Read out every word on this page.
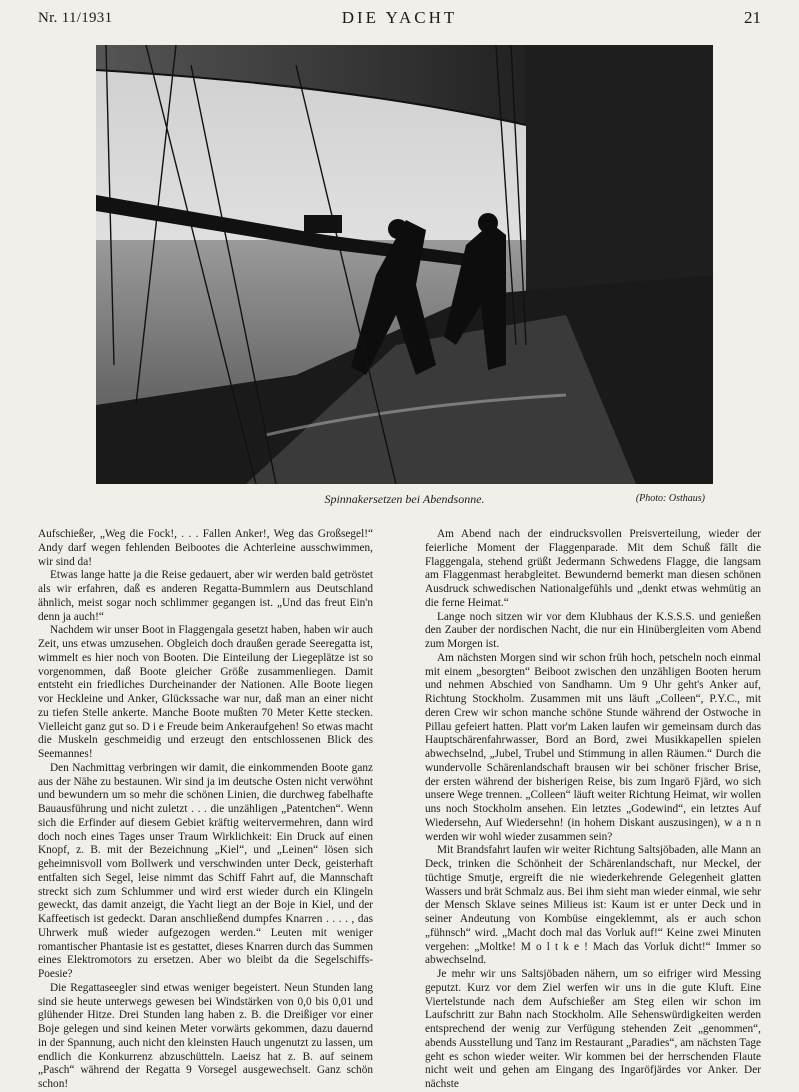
Nr. 11/1931	DIE YACHT	21
Spinnakersetzen bei Abendsonne.	(Photo: Osthaus)

Aufschießer, „Weg die Fock!, . . . Fallen Anker!, Weg das Großsegel!“ Andy darf wegen fehlenden Beibootes die Achterleine ausschwimmen, wir sind da!

Etwas lange hatte ja die Reise gedauert, aber wir werden bald getröstet als wir erfahren, daß es anderen Regatta-Bummlern aus Deutschland ähnlich, meist sogar noch schlimmer gegangen ist. „Und das freut Ein'n denn ja auch!“

Nachdem wir unser Boot in Flaggengala gesetzt haben, haben wir auch Zeit, uns etwas umzusehen. Obgleich doch draußen gerade Seeregatta ist, wimmelt es hier noch von Booten. Die Einteilung der Liegeplätze ist so vorgenommen, daß Boote gleicher Größe zusammenliegen. Damit entsteht ein friedliches Durcheinander der Nationen. Alle Boote liegen vor Heckleine und Anker, Glückssache war nur, daß man an einer nicht zu tiefen Stelle ankerte. Manche Boote mußten 70 Meter Kette stecken. Vielleicht ganz gut so. D i e Freude beim Ankeraufgehen! So etwas macht die Muskeln geschmeidig und erzeugt den entschlossenen Blick des Seemannes!

Den Nachmittag verbringen wir damit, die einkommenden Boote ganz aus der Nähe zu bestaunen. Wir sind ja im deutsche Osten nicht verwöhnt und bewundern um so mehr die schönen Linien, die durchweg fabelhafte Bauausführung und nicht zuletzt . . . die unzähligen „Patentchen“. Wenn sich die Erfinder auf diesem Gebiet kräftig weitervermehren, dann wird doch noch eines Tages unser Traum Wirklichkeit: Ein Druck auf einen Knopf, z. B. mit der Bezeichnung „Kiel“, und „Leinen“ lösen sich geheimnisvoll vom Bollwerk und verschwinden unter Deck, geisterhaft entfalten sich Segel, leise nimmt das Schiff Fahrt auf, die Mannschaft streckt sich zum Schlummer und wird erst wieder durch ein Klingeln geweckt, das damit anzeigt, die Yacht liegt an der Boje in Kiel, und der Kaffeetisch ist gedeckt. Daran anschließend dumpfes Knarren . . . . , das Uhrwerk muß wieder aufgezogen werden.“ Leuten mit weniger romantischer Phantasie ist es gestattet, dieses Knarren durch das Summen eines Elektromotors zu ersetzen. Aber wo bleibt da die Segelschiffs-Poesie?

Die Regattaseegler sind etwas weniger begeistert. Neun Stunden lang sind sie heute unterwegs gewesen bei Windstärken von 0,0 bis 0,01 und glühender Hitze. Drei Stunden lang haben z. B. die Dreißiger vor einer Boje gelegen und sind keinen Meter vorwärts gekommen, dazu dauernd in der Spannung, auch nicht den kleinsten Hauch ungenutzt zu lassen, um endlich die Konkurrenz abzuschütteln. Laeisz hat z. B. auf seinem „Pasch“ während der Regatta 9 Vorsegel ausgewechselt. Ganz schön schon!

Am Abend nach der eindrucksvollen Preisverteilung, wieder der feierliche Moment der Flaggenparade. Mit dem Schuß fällt die Flaggengala, stehend grüßt Jedermann Schwedens Flagge, die langsam am Flaggenmast herabgleitet. Bewundernd bemerkt man diesen schönen Ausdruck schwedischen Nationalgefühls und „denkt etwas wehmütig an die ferne Heimat.“

Lange noch sitzen wir vor dem Klubhaus der K.S.S.S. und genießen den Zauber der nordischen Nacht, die nur ein Hinübergleiten vom Abend zum Morgen ist.

Am nächsten Morgen sind wir schon früh hoch, petscheln noch einmal mit einem „besorgten“ Beiboot zwischen den unzähligen Booten herum und nehmen Abschied von Sandhamn. Um 9 Uhr geht's Anker auf, Richtung Stockholm. Zusammen mit uns läuft „Colleen“, P.Y.C., mit deren Crew wir schon manche schöne Stunde während der Ostwoche in Pillau gefeiert hatten. Platt vor'm Laken laufen wir gemeinsam durch das Hauptschärenfahrwasser, Bord an Bord, zwei Musikkapellen spielen abwechselnd, „Jubel, Trubel und Stimmung in allen Räumen.“ Durch die wundervolle Schärenlandschaft brausen wir bei schöner frischer Brise, der ersten während der bisherigen Reise, bis zum Ingarö Fjärd, wo sich unsere Wege trennen. „Colleen“ läuft weiter Richtung Heimat, wir wollen uns noch Stockholm ansehen. Ein letztes „Godewind“, ein letztes Auf Wiedersehn, Auf Wiedersehn! (in hohem Diskant auszusingen), w a n n werden wir wohl wieder zusammen sein?

Mit Brandsfahrt laufen wir weiter Richtung Saltsjöbaden, alle Mann an Deck, trinken die Schönheit der Schärenlandschaft, nur Meckel, der tüchtige Smutje, ergreift die nie wiederkehrende Gelegenheit glatten Wassers und brät Schmalz aus. Bei ihm sieht man wieder einmal, wie sehr der Mensch Sklave seines Milieus ist: Kaum ist er unter Deck und in seiner Andeutung von Kombüse eingeklemmt, als er auch schon „fühnsch“ wird. „Macht doch mal das Vorluk auf!“ Keine zwei Minuten vergehen: „Moltke! M o l t k e ! Mach das Vorluk dicht!“ Immer so abwechselnd.

Je mehr wir uns Saltsjöbaden nähern, um so eifriger wird Messing geputzt. Kurz vor dem Ziel werfen wir uns in die gute Kluft. Eine Viertelstunde nach dem Aufschießer am Steg eilen wir schon im Laufschritt zur Bahn nach Stockholm. Alle Sehenswürdigkeiten werden entsprechend der wenig zur Verfügung stehenden Zeit „genommen“, abends Ausstellung und Tanz im Restaurant „Paradies“, am nächsten Tage geht es schon wieder weiter. Wir kommen bei der herrschenden Flaute nicht weit und gehen am Eingang des Ingaröfjärdes vor Anker. Der nächste
